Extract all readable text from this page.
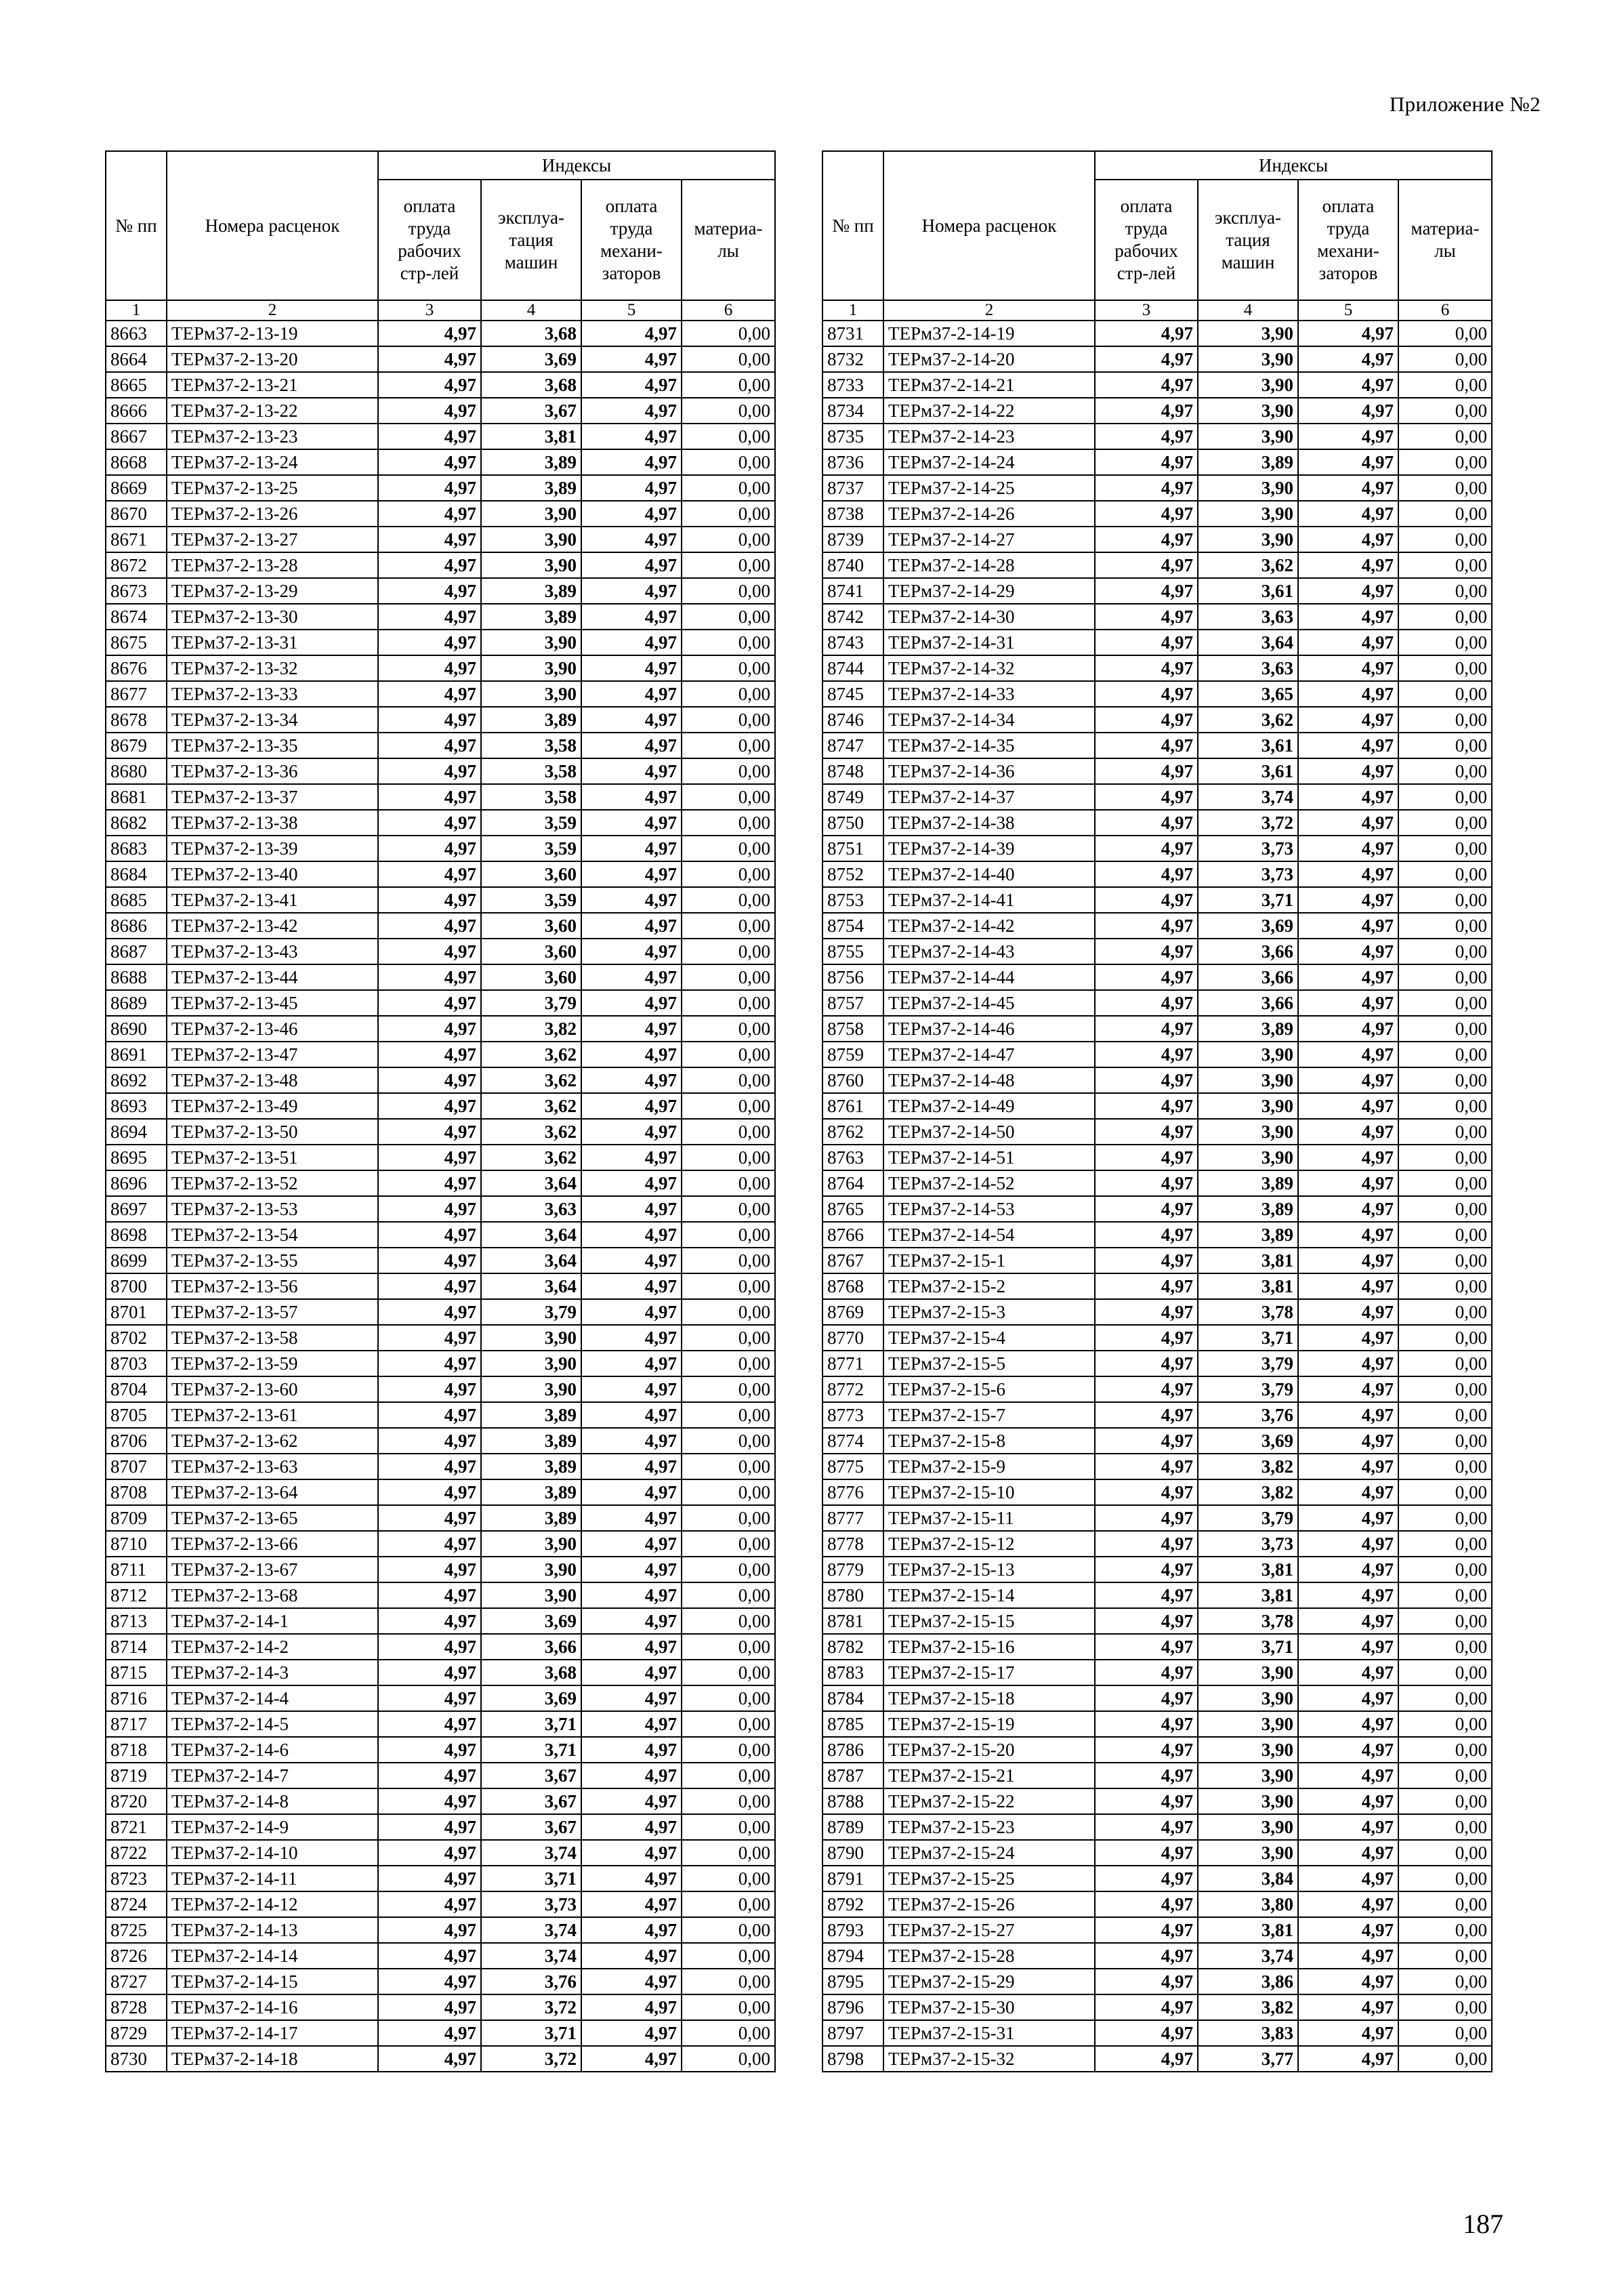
Приложение №2
№ пп	Номера расценок	Индексы			
		оплата труда рабочих стр-лей	эксплуа-тация машин	оплата труда механи-заторов	материа-лы
1	2	3	4	5	6
8663	ТЕРм37-2-13-19	4,97	3,68	4,97	0,00
8664	ТЕРм37-2-13-20	4,97	3,69	4,97	0,00
8665	ТЕРм37-2-13-21	4,97	3,68	4,97	0,00
8666	ТЕРм37-2-13-22	4,97	3,67	4,97	0,00
8667	ТЕРм37-2-13-23	4,97	3,81	4,97	0,00
8668	ТЕРм37-2-13-24	4,97	3,89	4,97	0,00
8669	ТЕРм37-2-13-25	4,97	3,89	4,97	0,00
8670	ТЕРм37-2-13-26	4,97	3,90	4,97	0,00
8671	ТЕРм37-2-13-27	4,97	3,90	4,97	0,00
8672	ТЕРм37-2-13-28	4,97	3,90	4,97	0,00
8673	ТЕРм37-2-13-29	4,97	3,89	4,97	0,00
8674	ТЕРм37-2-13-30	4,97	3,89	4,97	0,00
8675	ТЕРм37-2-13-31	4,97	3,90	4,97	0,00
8676	ТЕРм37-2-13-32	4,97	3,90	4,97	0,00
8677	ТЕРм37-2-13-33	4,97	3,90	4,97	0,00
8678	ТЕРм37-2-13-34	4,97	3,89	4,97	0,00
8679	ТЕРм37-2-13-35	4,97	3,58	4,97	0,00
8680	ТЕРм37-2-13-36	4,97	3,58	4,97	0,00
8681	ТЕРм37-2-13-37	4,97	3,58	4,97	0,00
8682	ТЕРм37-2-13-38	4,97	3,59	4,97	0,00
8683	ТЕРм37-2-13-39	4,97	3,59	4,97	0,00
8684	ТЕРм37-2-13-40	4,97	3,60	4,97	0,00
8685	ТЕРм37-2-13-41	4,97	3,59	4,97	0,00
8686	ТЕРм37-2-13-42	4,97	3,60	4,97	0,00
8687	ТЕРм37-2-13-43	4,97	3,60	4,97	0,00
8688	ТЕРм37-2-13-44	4,97	3,60	4,97	0,00
8689	ТЕРм37-2-13-45	4,97	3,79	4,97	0,00
8690	ТЕРм37-2-13-46	4,97	3,82	4,97	0,00
8691	ТЕРм37-2-13-47	4,97	3,62	4,97	0,00
8692	ТЕРм37-2-13-48	4,97	3,62	4,97	0,00
8693	ТЕРм37-2-13-49	4,97	3,62	4,97	0,00
8694	ТЕРм37-2-13-50	4,97	3,62	4,97	0,00
8695	ТЕРм37-2-13-51	4,97	3,62	4,97	0,00
8696	ТЕРм37-2-13-52	4,97	3,64	4,97	0,00
8697	ТЕРм37-2-13-53	4,97	3,63	4,97	0,00
8698	ТЕРм37-2-13-54	4,97	3,64	4,97	0,00
8699	ТЕРм37-2-13-55	4,97	3,64	4,97	0,00
8700	ТЕРм37-2-13-56	4,97	3,64	4,97	0,00
8701	ТЕРм37-2-13-57	4,97	3,79	4,97	0,00
8702	ТЕРм37-2-13-58	4,97	3,90	4,97	0,00
8703	ТЕРм37-2-13-59	4,97	3,90	4,97	0,00
8704	ТЕРм37-2-13-60	4,97	3,90	4,97	0,00
8705	ТЕРм37-2-13-61	4,97	3,89	4,97	0,00
8706	ТЕРм37-2-13-62	4,97	3,89	4,97	0,00
8707	ТЕРм37-2-13-63	4,97	3,89	4,97	0,00
8708	ТЕРм37-2-13-64	4,97	3,89	4,97	0,00
8709	ТЕРм37-2-13-65	4,97	3,89	4,97	0,00
8710	ТЕРм37-2-13-66	4,97	3,90	4,97	0,00
8711	ТЕРм37-2-13-67	4,97	3,90	4,97	0,00
8712	ТЕРм37-2-13-68	4,97	3,90	4,97	0,00
8713	ТЕРм37-2-14-1	4,97	3,69	4,97	0,00
8714	ТЕРм37-2-14-2	4,97	3,66	4,97	0,00
8715	ТЕРм37-2-14-3	4,97	3,68	4,97	0,00
8716	ТЕРм37-2-14-4	4,97	3,69	4,97	0,00
8717	ТЕРм37-2-14-5	4,97	3,71	4,97	0,00
8718	ТЕРм37-2-14-6	4,97	3,71	4,97	0,00
8719	ТЕРм37-2-14-7	4,97	3,67	4,97	0,00
8720	ТЕРм37-2-14-8	4,97	3,67	4,97	0,00
8721	ТЕРм37-2-14-9	4,97	3,67	4,97	0,00
8722	ТЕРм37-2-14-10	4,97	3,74	4,97	0,00
8723	ТЕРм37-2-14-11	4,97	3,71	4,97	0,00
8724	ТЕРм37-2-14-12	4,97	3,73	4,97	0,00
8725	ТЕРм37-2-14-13	4,97	3,74	4,97	0,00
8726	ТЕРм37-2-14-14	4,97	3,74	4,97	0,00
8727	ТЕРм37-2-14-15	4,97	3,76	4,97	0,00
8728	ТЕРм37-2-14-16	4,97	3,72	4,97	0,00
8729	ТЕРм37-2-14-17	4,97	3,71	4,97	0,00
8730	ТЕРм37-2-14-18	4,97	3,72	4,97	0,00
№ пп	Номера расценок	Индексы			
		оплата труда рабочих стр-лей	эксплуа-тация машин	оплата труда механи-заторов	материа-лы
1	2	3	4	5	6
8731	ТЕРм37-2-14-19	4,97	3,90	4,97	0,00
8732	ТЕРм37-2-14-20	4,97	3,90	4,97	0,00
8733	ТЕРм37-2-14-21	4,97	3,90	4,97	0,00
8734	ТЕРм37-2-14-22	4,97	3,90	4,97	0,00
8735	ТЕРм37-2-14-23	4,97	3,90	4,97	0,00
8736	ТЕРм37-2-14-24	4,97	3,89	4,97	0,00
8737	ТЕРм37-2-14-25	4,97	3,90	4,97	0,00
8738	ТЕРм37-2-14-26	4,97	3,90	4,97	0,00
8739	ТЕРм37-2-14-27	4,97	3,90	4,97	0,00
8740	ТЕРм37-2-14-28	4,97	3,62	4,97	0,00
8741	ТЕРм37-2-14-29	4,97	3,61	4,97	0,00
8742	ТЕРм37-2-14-30	4,97	3,63	4,97	0,00
8743	ТЕРм37-2-14-31	4,97	3,64	4,97	0,00
8744	ТЕРм37-2-14-32	4,97	3,63	4,97	0,00
8745	ТЕРм37-2-14-33	4,97	3,65	4,97	0,00
8746	ТЕРм37-2-14-34	4,97	3,62	4,97	0,00
8747	ТЕРм37-2-14-35	4,97	3,61	4,97	0,00
8748	ТЕРм37-2-14-36	4,97	3,61	4,97	0,00
8749	ТЕРм37-2-14-37	4,97	3,74	4,97	0,00
8750	ТЕРм37-2-14-38	4,97	3,72	4,97	0,00
8751	ТЕРм37-2-14-39	4,97	3,73	4,97	0,00
8752	ТЕРм37-2-14-40	4,97	3,73	4,97	0,00
8753	ТЕРм37-2-14-41	4,97	3,71	4,97	0,00
8754	ТЕРм37-2-14-42	4,97	3,69	4,97	0,00
8755	ТЕРм37-2-14-43	4,97	3,66	4,97	0,00
8756	ТЕРм37-2-14-44	4,97	3,66	4,97	0,00
8757	ТЕРм37-2-14-45	4,97	3,66	4,97	0,00
8758	ТЕРм37-2-14-46	4,97	3,89	4,97	0,00
8759	ТЕРм37-2-14-47	4,97	3,90	4,97	0,00
8760	ТЕРм37-2-14-48	4,97	3,90	4,97	0,00
8761	ТЕРм37-2-14-49	4,97	3,90	4,97	0,00
8762	ТЕРм37-2-14-50	4,97	3,90	4,97	0,00
8763	ТЕРм37-2-14-51	4,97	3,90	4,97	0,00
8764	ТЕРм37-2-14-52	4,97	3,89	4,97	0,00
8765	ТЕРм37-2-14-53	4,97	3,89	4,97	0,00
8766	ТЕРм37-2-14-54	4,97	3,89	4,97	0,00
8767	ТЕРм37-2-15-1	4,97	3,81	4,97	0,00
8768	ТЕРм37-2-15-2	4,97	3,81	4,97	0,00
8769	ТЕРм37-2-15-3	4,97	3,78	4,97	0,00
8770	ТЕРм37-2-15-4	4,97	3,71	4,97	0,00
8771	ТЕРм37-2-15-5	4,97	3,79	4,97	0,00
8772	ТЕРм37-2-15-6	4,97	3,79	4,97	0,00
8773	ТЕРм37-2-15-7	4,97	3,76	4,97	0,00
8774	ТЕРм37-2-15-8	4,97	3,69	4,97	0,00
8775	ТЕРм37-2-15-9	4,97	3,82	4,97	0,00
8776	ТЕРм37-2-15-10	4,97	3,82	4,97	0,00
8777	ТЕРм37-2-15-11	4,97	3,79	4,97	0,00
8778	ТЕРм37-2-15-12	4,97	3,73	4,97	0,00
8779	ТЕРм37-2-15-13	4,97	3,81	4,97	0,00
8780	ТЕРм37-2-15-14	4,97	3,81	4,97	0,00
8781	ТЕРм37-2-15-15	4,97	3,78	4,97	0,00
8782	ТЕРм37-2-15-16	4,97	3,71	4,97	0,00
8783	ТЕРм37-2-15-17	4,97	3,90	4,97	0,00
8784	ТЕРм37-2-15-18	4,97	3,90	4,97	0,00
8785	ТЕРм37-2-15-19	4,97	3,90	4,97	0,00
8786	ТЕРм37-2-15-20	4,97	3,90	4,97	0,00
8787	ТЕРм37-2-15-21	4,97	3,90	4,97	0,00
8788	ТЕРм37-2-15-22	4,97	3,90	4,97	0,00
8789	ТЕРм37-2-15-23	4,97	3,90	4,97	0,00
8790	ТЕРм37-2-15-24	4,97	3,90	4,97	0,00
8791	ТЕРм37-2-15-25	4,97	3,84	4,97	0,00
8792	ТЕРм37-2-15-26	4,97	3,80	4,97	0,00
8793	ТЕРм37-2-15-27	4,97	3,81	4,97	0,00
8794	ТЕРм37-2-15-28	4,97	3,74	4,97	0,00
8795	ТЕРм37-2-15-29	4,97	3,86	4,97	0,00
8796	ТЕРм37-2-15-30	4,97	3,82	4,97	0,00
8797	ТЕРм37-2-15-31	4,97	3,83	4,97	0,00
8798	ТЕРм37-2-15-32	4,97	3,77	4,97	0,00
187
